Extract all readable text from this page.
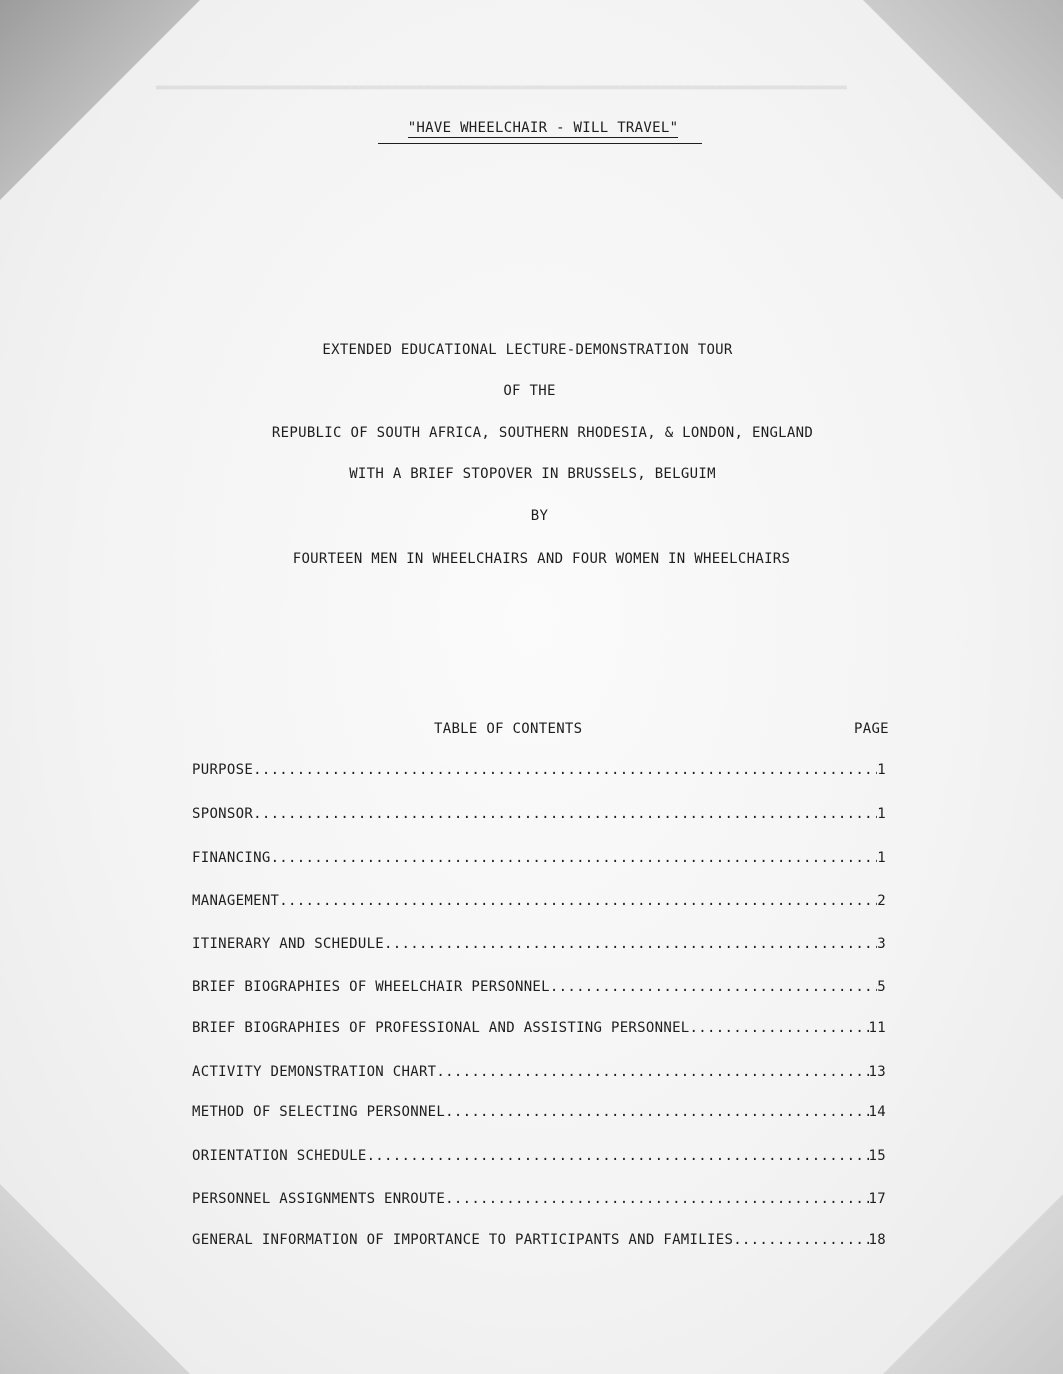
▬▬▬▬▬▬▬▬▬▬▬▬▬▬▬▬▬▬▬▬▬▬▬▬▬▬▬▬▬▬▬▬▬▬▬▬▬▬▬▬▬▬▬▬▬▬▬▬▬▬▬▬▬▬▬▬▬▬▬▬▬▬▬▬▬▬▬▬▬▬▬▬▬▬▬▬▬▬▬▬▬▬▬▬▬

"HAVE WHEELCHAIR - WILL TRAVEL"
EXTENDED EDUCATIONAL LECTURE-DEMONSTRATION TOUR
OF THE
REPUBLIC OF SOUTH AFRICA, SOUTHERN RHODESIA, & LONDON, ENGLAND
WITH A BRIEF STOPOVER IN BRUSSELS, BELGUIM
BY
FOURTEEN MEN IN WHEELCHAIRS AND FOUR WOMEN IN WHEELCHAIRS
TABLE OF CONTENTS	PAGE
PURPOSE .....	1
SPONSOR .....	1
FINANCING .....	1
MANAGEMENT .....	2
ITINERARY AND SCHEDULE .....	3
BRIEF BIOGRAPHIES OF WHEELCHAIR PERSONNEL .....	5
BRIEF BIOGRAPHIES OF PROFESSIONAL AND ASSISTING PERSONNEL .....	11
ACTIVITY DEMONSTRATION CHART .....	13
METHOD OF SELECTING PERSONNEL .....	14
ORIENTATION SCHEDULE .....	15
PERSONNEL ASSIGNMENTS ENROUTE .....	17
GENERAL INFORMATION OF IMPORTANCE TO PARTICIPANTS AND FAMILIES .....	18
